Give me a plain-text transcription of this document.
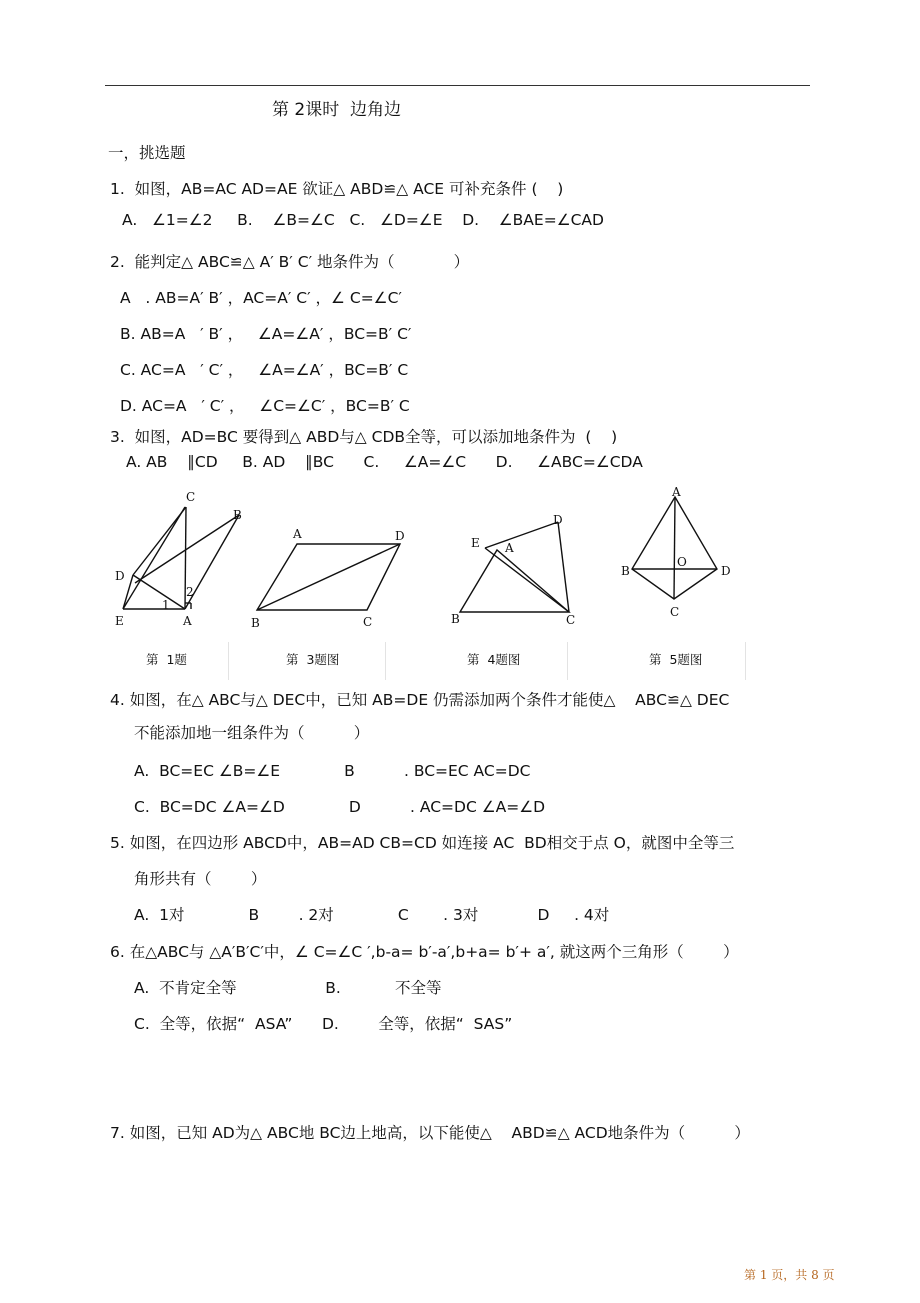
第 2课时  边角边
一，挑选题
1.  如图，AB=AC AD=AE 欲证△ ABD≌△ ACE 可补充条件 (    )
A.   ∠1=∠2     B.    ∠B=∠C   C.   ∠D=∠E    D.    ∠BAE=∠CAD
2.  能判定△ ABC≌△ A′ B′ C′ 地条件为（            ）
A   . AB=A′ B′ ，AC=A′ C′ ，∠ C=∠C′
B. AB=A   ′ B′ ，   ∠A=∠A′ ，BC=B′ C′
C. AC=A   ′ C′ ，   ∠A=∠A′ ，BC=B′ C
D. AC=A   ′ C′ ，   ∠C=∠C′ ，BC=B′ C
3.  如图，AD=BC 要得到△ ABD与△ CDB全等，可以添加地条件为  (    )
A. AB    ∥CD     B. AD    ∥BC      C.     ∠A=∠C      D.     ∠ABC=∠CDA
C
B
D
E	A
1
2
A	D
B	C
D
E A
B	C
A
B
O
D
C
第  1题	第  3题图	第  4题图	第  5题图
4. 如图，在△ ABC与△ DEC中，已知 AB=DE 仍需添加两个条件才能使△    ABC≌△ DEC
不能添加地一组条件为（          ）
A.  BC=EC ∠B=∠E             B          . BC=EC AC=DC
C.  BC=DC ∠A=∠D             D          . AC=DC ∠A=∠D
5. 如图，在四边形 ABCD中，AB=AD CB=CD 如连接 AC  BD相交于点 O，就图中全等三
角形共有（        ）
A.  1对             B        . 2对             C       . 3对            D     . 4对
6. 在△ABC与 △A′B′C′中，∠ C=∠C ′,b-a= b′-a′,b+a= b′+ a′, 就这两个三角形（        ）
A.  不肯定全等                  B.           不全等
C.  全等，依据“  ASA”      D.        全等，依据“  SAS”
7. 如图，已知 AD为△ ABC地 BC边上地高，以下能使△    ABD≌△ ACD地条件为（          ）
第 1 页，共 8 页
